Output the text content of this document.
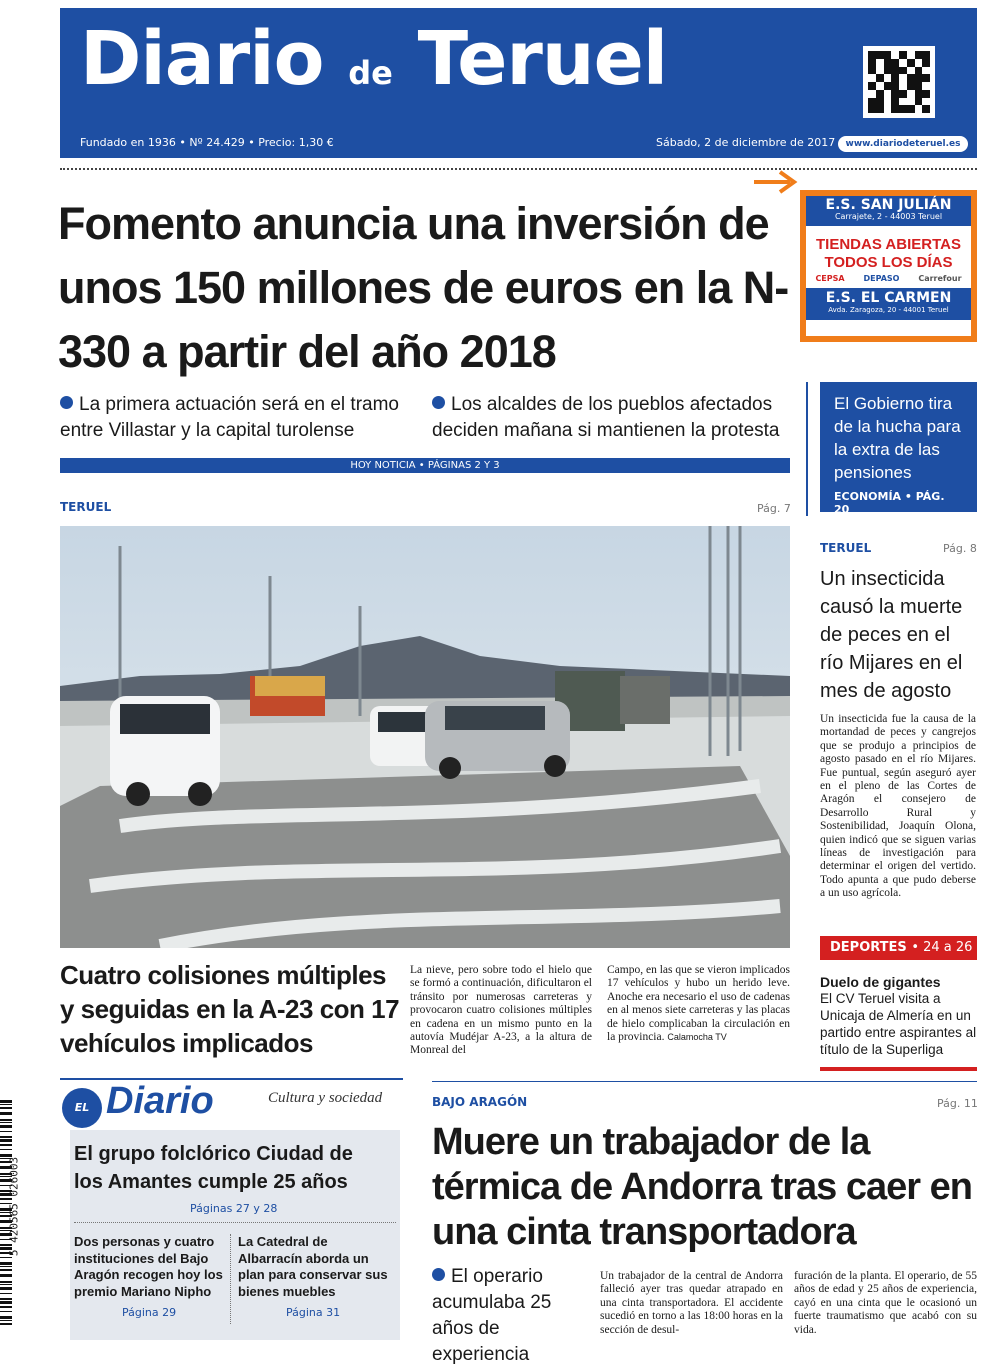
Diario de Teruel
Fundado en 1936 • Nº 24.429 • Precio: 1,30 €	Sábado, 2 de diciembre de 2017	www.diariodeteruel.es
Fomento anuncia una inversión de unos 150 millones de euros en la N-330 a partir del año 2018
La primera actuación será en el tramo entre Villastar y la capital turolense
Los alcaldes de los pueblos afectados deciden mañana si mantienen la protesta
HOY NOTICIA • PÁGINAS 2 Y 3
E.S. SAN JULIÁN
Carrajete, 2 - 44003 Teruel
TIENDAS ABIERTAS
TODOS LOS DÍAS
CEPSA DEPASO Carrefour
E.S. EL CARMEN
Avda. Zaragoza, 20 - 44001 Teruel
El Gobierno tira de la hucha para la extra de las pensiones
ECONOMÍA • PÁG. 20
TERUEL	Pág. 7
Cuatro colisiones múltiples y seguidas en la A-23 con 17 vehículos implicados
La nieve, pero sobre todo el hielo que se formó a continuación, dificultaron el tránsito por numerosas carreteras y provocaron cuatro colisiones múltiples en cadena en un mismo punto en la autovía Mudéjar A-23, a la altura de Monreal del
Campo, en las que se vieron implicados 17 vehículos y hubo un herido leve. Anoche era necesario el uso de cadenas en al menos siete carreteras y las placas de hielo complicaban la circulación en la provincia. Calamocha TV
TERUEL	Pág. 8
Un insecticida causó la muerte de peces en el río Mijares en el mes de agosto
Un insecticida fue la causa de la mortandad de peces y cangrejos que se produjo a principios de agosto pasado en el río Mijares. Fue puntual, según aseguró ayer en el pleno de las Cortes de Aragón el consejero de Desarrollo Rural y Sostenibilidad, Joaquín Olona, quien indicó que se siguen varias líneas de investigación para determinar el origen del vertido. Todo apunta a que pudo deberse a un uso agrícola.
DEPORTES • 24 a 26
Duelo de gigantes
El CV Teruel visita a Unicaja de Almería en un partido entre aspirantes al título de la Superliga
EL Diario	Cultura y sociedad
El grupo folclórico Ciudad de los Amantes cumple 25 años
Páginas 27 y 28
Dos personas y cuatro instituciones del Bajo Aragón recogen hoy los premio Mariano Nipho
Página 29
La Catedral de Albarracín aborda un plan para conservar sus bienes muebles
Página 31
BAJO ARAGÓN	Pág. 11
Muere un trabajador de la térmica de Andorra tras caer en una cinta transportadora
El operario acumulaba 25 años de experiencia
Un trabajador de la central de Andorra falleció ayer tras quedar atrapado en una cinta transportadora. El accidente sucedió en torno a las 18:00 horas en la sección de desul-
furación de la planta. El operario, de 55 años de edad y 25 años de experiencia, cayó en una cinta que le ocasionó un fuerte traumatismo que acabó con su vida.
5 420565 026003
